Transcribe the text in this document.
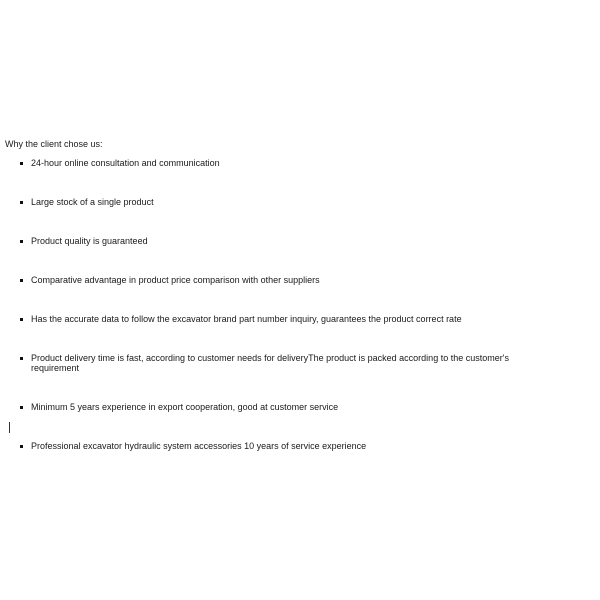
Why the client chose us:

24-hour online consultation and communication
Large stock of a single product
Product quality is guaranteed
Comparative advantage in product price comparison with other suppliers
Has the accurate data to follow the excavator brand part number inquiry, guarantees the product correct rate
Product delivery time is fast, according to customer needs for deliveryThe product is packed according to the customer's requirement
Minimum 5 years experience in export cooperation, good at customer service
Professional excavator hydraulic system accessories 10 years of service experience
